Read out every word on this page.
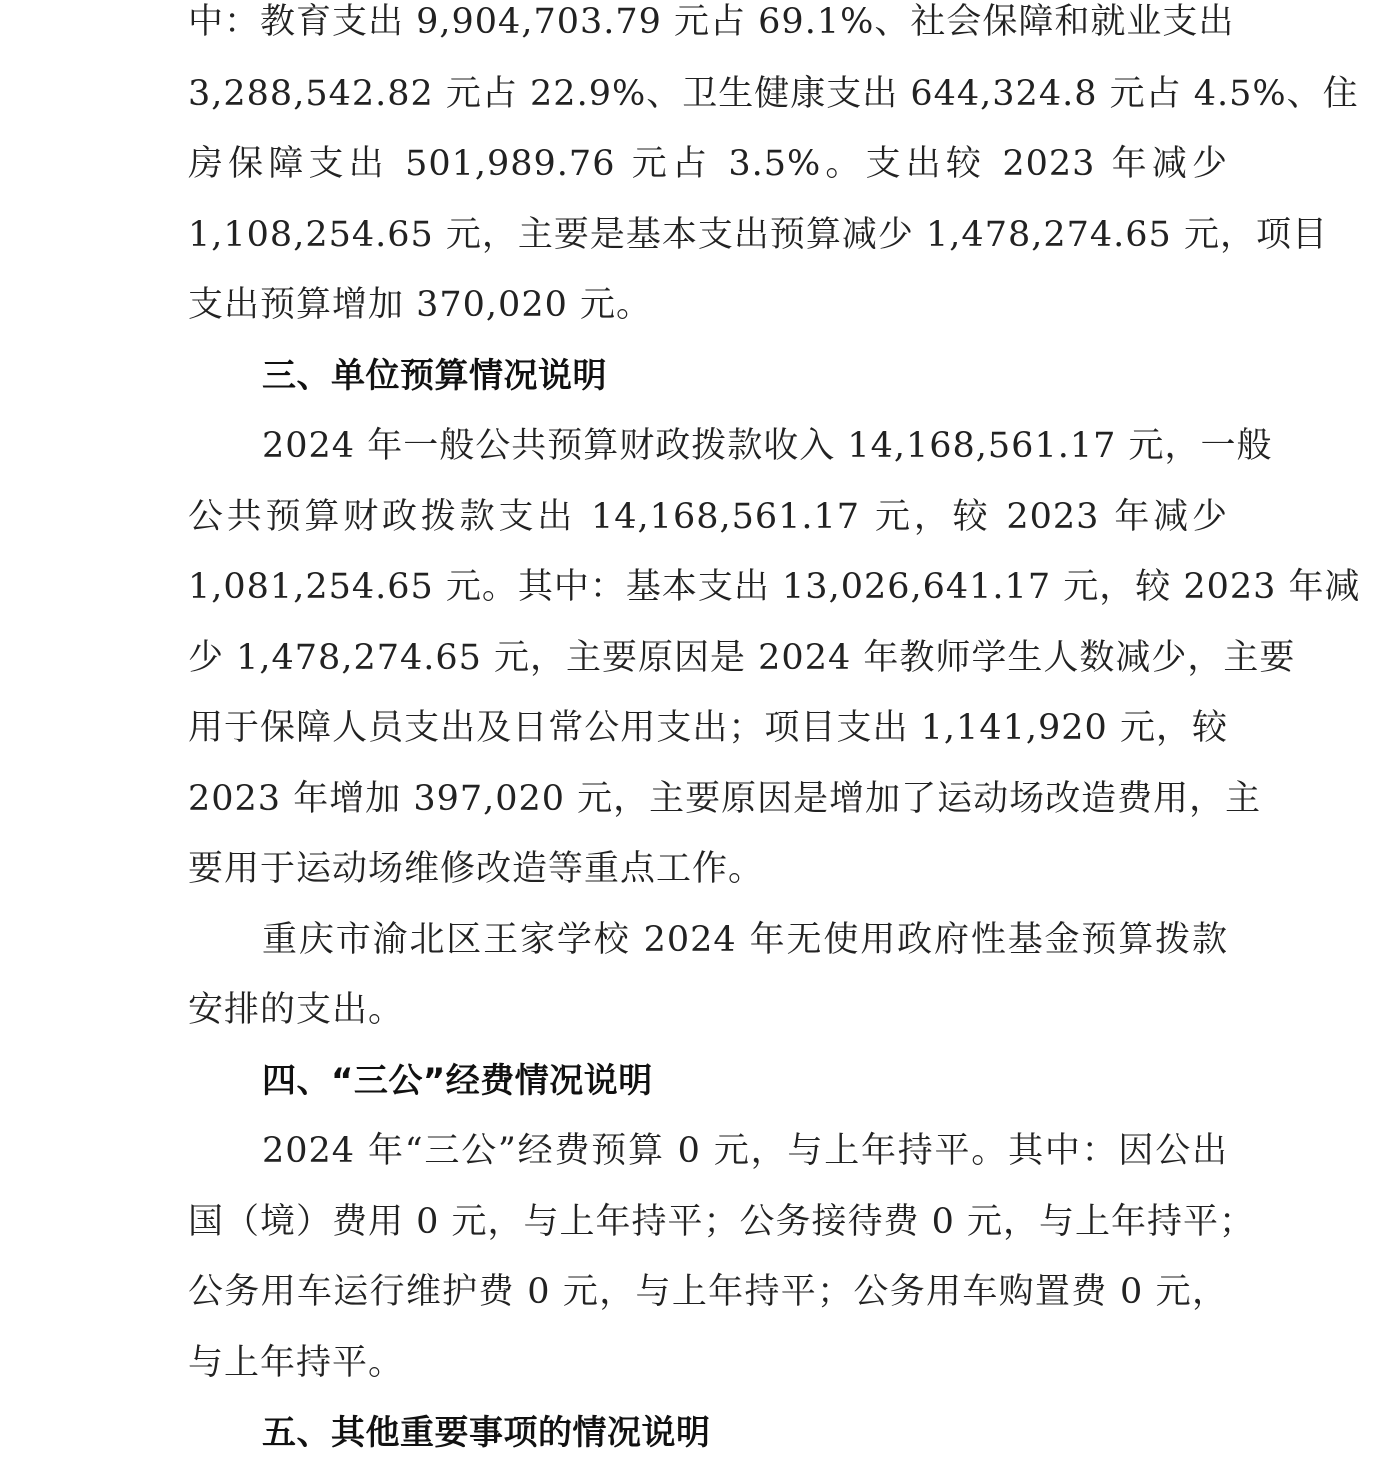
中：教育支出 9,904,703.79 元占 69.1%、社会保障和就业支出
3,288,542.82 元占 22.9%、卫生健康支出 644,324.8 元占 4.5%、住
房保障支出 501,989.76 元占 3.5%。支出较 2023 年减少
1,108,254.65 元，主要是基本支出预算减少 1,478,274.65 元，项目
支出预算增加 370,020 元。
三、单位预算情况说明
2024 年一般公共预算财政拨款收入 14,168,561.17 元，一般
公共预算财政拨款支出 14,168,561.17 元，较 2023 年减少
1,081,254.65 元。其中：基本支出 13,026,641.17 元，较 2023 年减
少 1,478,274.65 元，主要原因是 2024 年教师学生人数减少，主要
用于保障人员支出及日常公用支出；项目支出 1,141,920 元，较
2023 年增加 397,020 元，主要原因是增加了运动场改造费用，主
要用于运动场维修改造等重点工作。
重庆市渝北区王家学校 2024 年无使用政府性基金预算拨款
安排的支出。
四、“三公”经费情况说明
2024 年“三公”经费预算 0 元，与上年持平。其中：因公出
国（境）费用 0 元，与上年持平；公务接待费 0 元，与上年持平；
公务用车运行维护费 0 元，与上年持平；公务用车购置费 0 元，
与上年持平。
五、其他重要事项的情况说明
